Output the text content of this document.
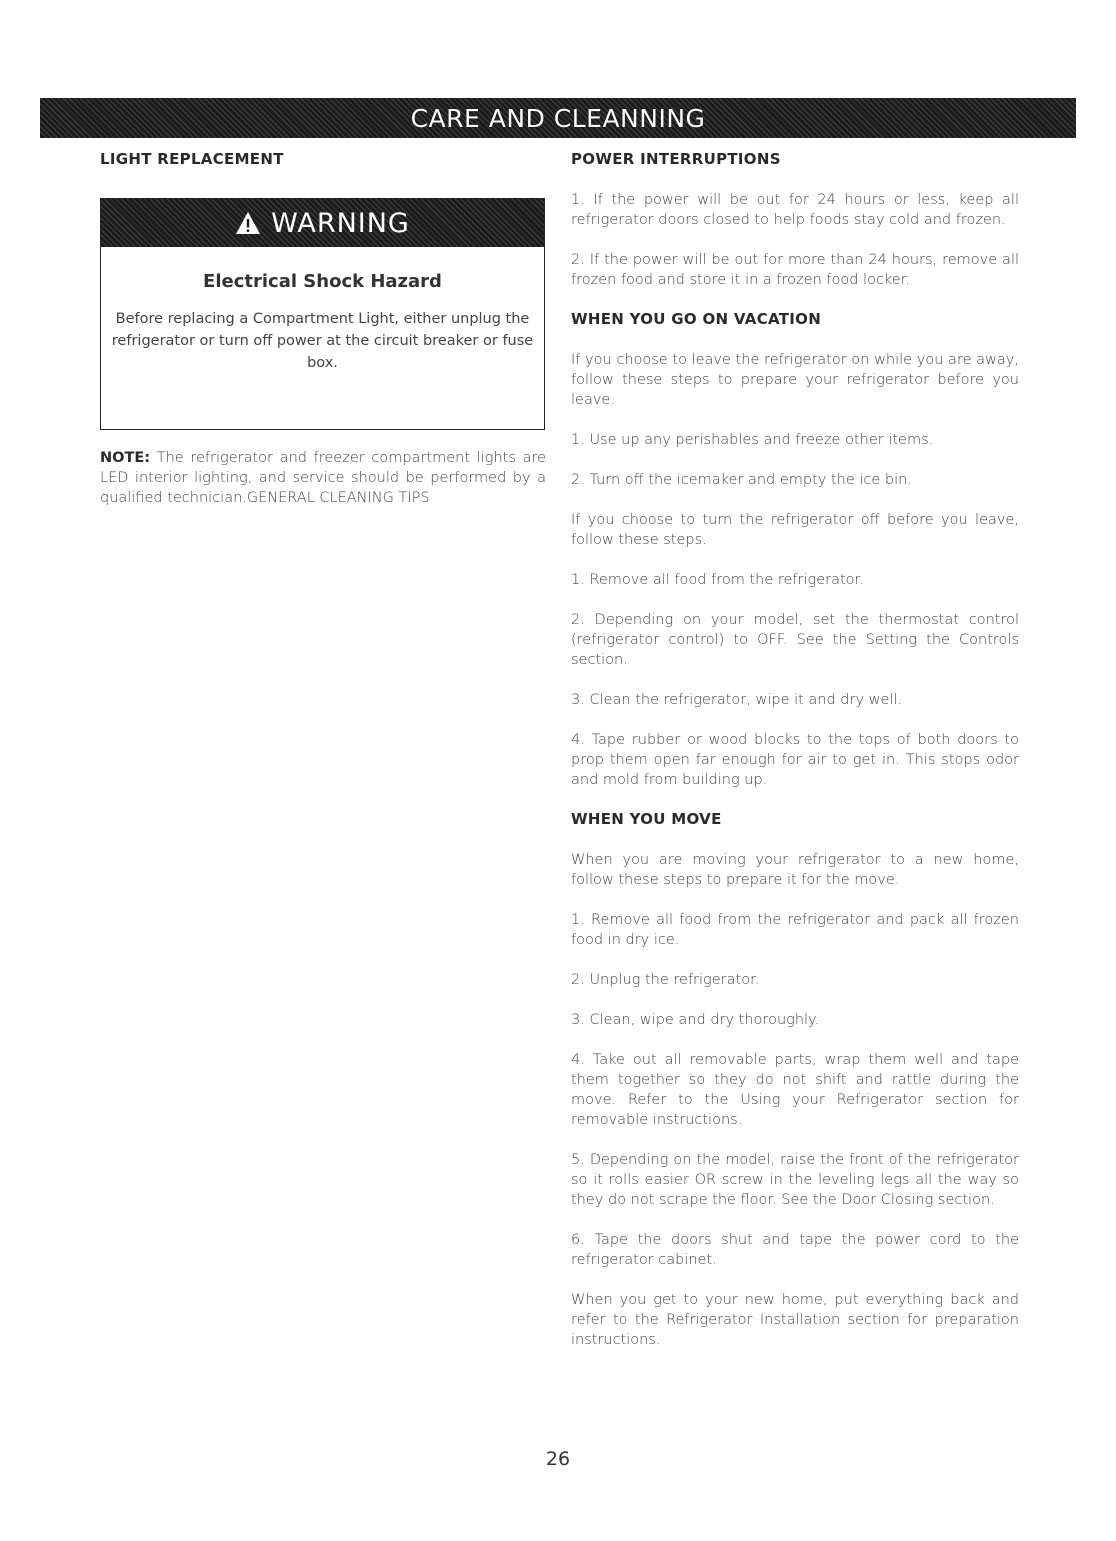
CARE AND CLEANNING
LIGHT REPLACEMENT
WARNING
Electrical Shock Hazard

Before replacing a Compartment Light, either unplug the refrigerator or turn off power at the circuit breaker or fuse box.

NOTE: The refrigerator and freezer compartment lights are LED interior lighting, and service should be performed by a qualified technician.GENERAL CLEANING TIPS

POWER INTERRUPTIONS

1. If the power will be out for 24 hours or less, keep all refrigerator doors closed to help foods stay cold and frozen.

2. If the power will be out for more than 24 hours, remove all frozen food and store it in a frozen food locker.

WHEN YOU GO ON VACATION

If you choose to leave the refrigerator on while you are away, follow these steps to prepare your refrigerator before you leave.

1. Use up any perishables and freeze other items.

2. Turn off the icemaker and empty the ice bin.

If you choose to turn the refrigerator off before you leave, follow these steps.

1. Remove all food from the refrigerator.

2. Depending on your model, set the thermostat control (refrigerator control) to OFF. See the Setting the Controls section.

3. Clean the refrigerator, wipe it and dry well.

4. Tape rubber or wood blocks to the tops of both doors to prop them open far enough for air to get in. This stops odor and mold from building up.

WHEN YOU MOVE

When you are moving your refrigerator to a new home, follow these steps to prepare it for the move.

1. Remove all food from the refrigerator and pack all frozen food in dry ice.

2. Unplug the refrigerator.

3. Clean, wipe and dry thoroughly.

4. Take out all removable parts, wrap them well and tape them together so they do not shift and rattle during the move. Refer to the Using your Refrigerator section for removable instructions.

5. Depending on the model, raise the front of the refrigerator so it rolls easier OR screw in the leveling legs all the way so they do not scrape the floor. See the Door Closing section.

6. Tape the doors shut and tape the power cord to the refrigerator cabinet.

When you get to your new home, put everything back and refer to the Refrigerator Installation section for preparation instructions.

26
